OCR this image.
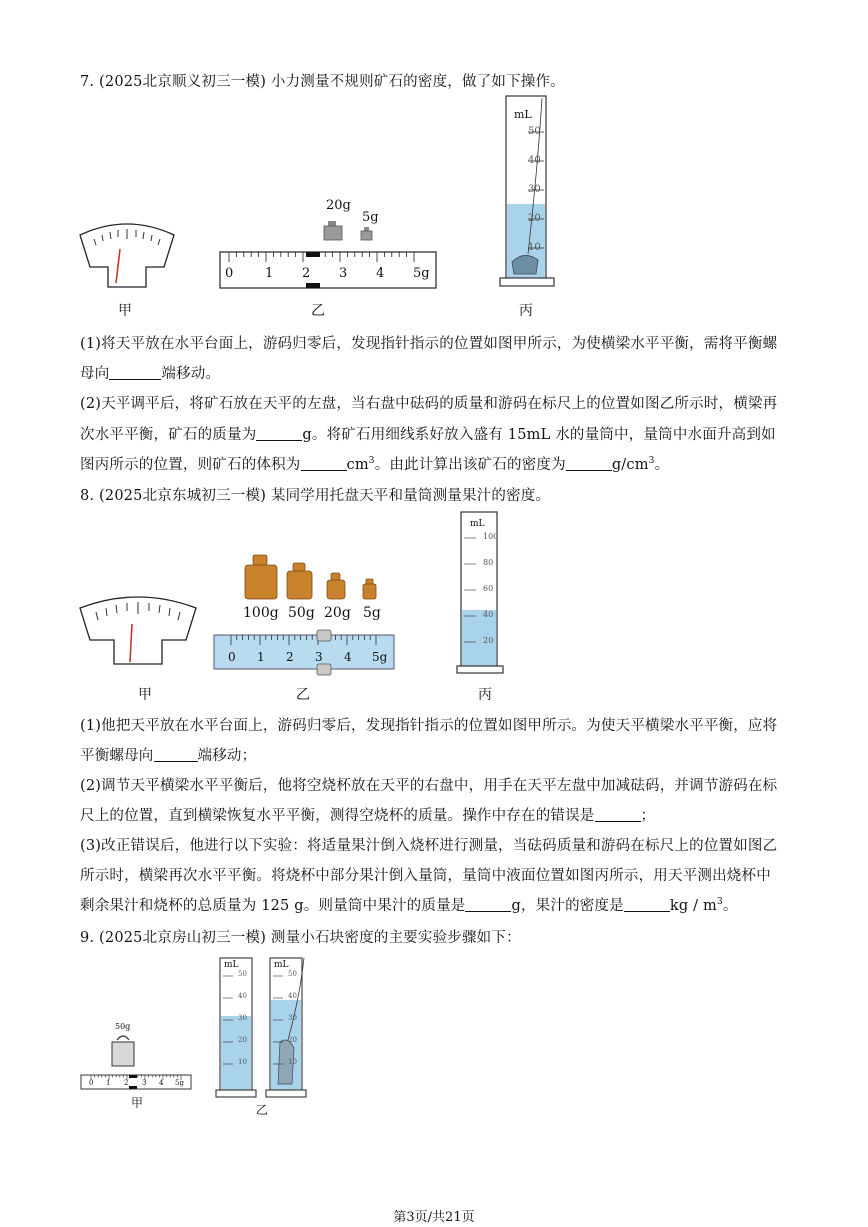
7. (2025北京顺义初三一模) 小力测量不规则矿石的密度，做了如下操作。
甲
20g
5g
0 1 2 3 4 5g
乙
mL
50
40
30
20
10
丙
(1)将天平放在水平台面上，游码归零后，发现指针指示的位置如图甲所示，为使横梁水平平衡，需将平衡螺
母向	端移动。
(2)天平调平后，将矿石放在天平的左盘，当右盘中砝码的质量和游码在标尺上的位置如图乙所示时，横梁再
次水平平衡，矿石的质量为	g。将矿石用细线系好放入盛有 15mL 水的量筒中，量筒中水面升高到如
图丙所示的位置，则矿石的体积为	$cm^3$。由此计算出该矿石的密度为	$g/cm^3$。
8. (2025北京东城初三一模) 某同学用托盘天平和量筒测量果汁的密度。
甲
100g 50g 20g 5g
0 1 2 3 4 5g
乙
mL
100
80
60
40
20
丙
(1)他把天平放在水平台面上，游码归零后，发现指针指示的位置如图甲所示。为使天平横梁水平平衡，应将
平衡螺母向	端移动；
(2)调节天平横梁水平平衡后，他将空烧杯放在天平的右盘中，用手在天平左盘中加减砝码，并调节游码在标
尺上的位置，直到横梁恢复水平平衡，测得空烧杯的质量。操作中存在的错误是	；
(3)改正错误后，他进行以下实验：将适量果汁倒入烧杯进行测量，当砝码质量和游码在标尺上的位置如图乙
所示时，横梁再次水平平衡。将烧杯中部分果汁倒入量筒，量筒中液面位置如图丙所示，用天平测出烧杯中
剩余果汁和烧杯的总质量为 125 g。则量筒中果汁的质量是	g，果汁的密度是	kg / $m^3$。
9. (2025北京房山初三一模) 测量小石块密度的主要实验步骤如下：
50g
0 1 2 3 4 5g
甲
mL
50
40
30
20
10
mL
50
40
30
20
10
乙
第3页/共21页
